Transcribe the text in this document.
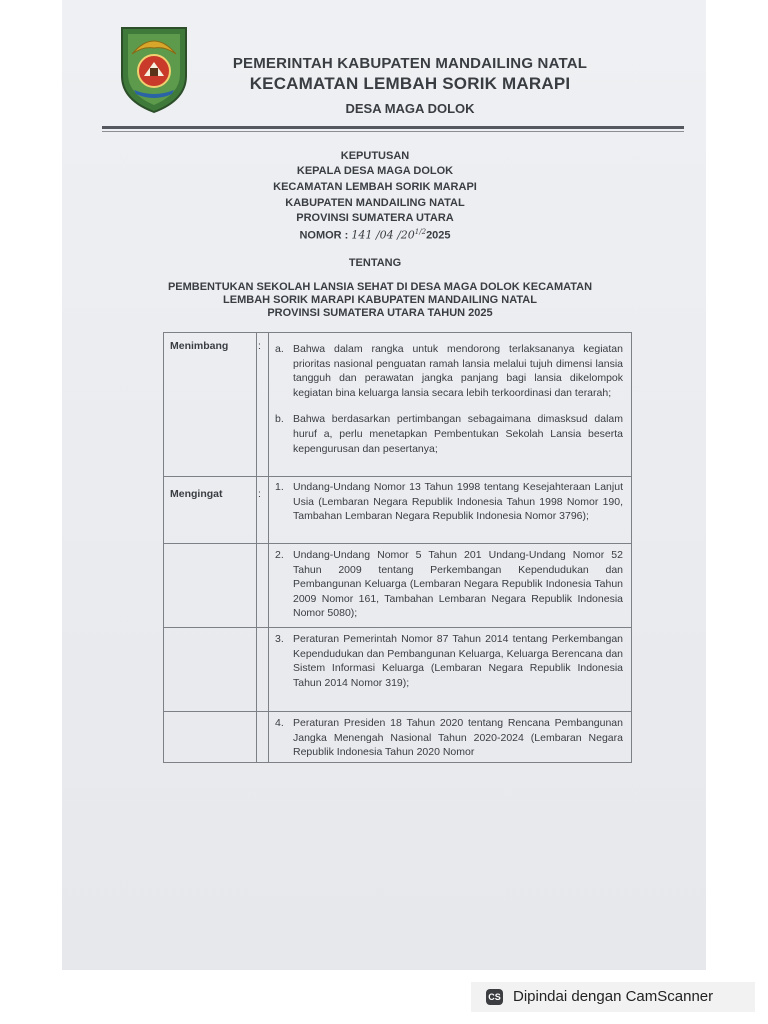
PEMERINTAH KABUPATEN MANDAILING NATAL
KECAMATAN LEMBAH SORIK MARAPI
DESA MAGA DOLOK
KEPUTUSAN
KEPALA DESA MAGA DOLOK
KECAMATAN LEMBAH SORIK MARAPI
KABUPATEN MANDAILING NATAL
PROVINSI SUMATERA UTARA
NOMOR : 141 /04 $/20^{1/2}2025$
TENTANG
PEMBENTUKAN SEKOLAH LANSIA SEHAT DI DESA MAGA DOLOK KECAMATAN
LEMBAH SORIK MARAPI KABUPATEN MANDAILING NATAL
PROVINSI SUMATERA UTARA TAHUN 2025
Menimbang	:	a. Bahwa dalam rangka untuk mendorong terlaksananya kegiatan prioritas nasional penguatan ramah lansia melalui tujuh dimensi lansia tangguh dan perawatan jangka panjang bagi lansia dikelompok kegiatan bina keluarga lansia secara lebih terkoordinasi dan terarah;
b. Bahwa berdasarkan pertimbangan sebagaimana dimasksud dalam huruf a, perlu menetapkan Pembentukan Sekolah Lansia beserta kepengurusan dan pesertanya;

Mengingat	:	1. Undang-Undang Nomor 13 Tahun 1998 tentang Kesejahteraan Lanjut Usia (Lembaran Negara Republik Indonesia Tahun 1998 Nomor 190, Tambahan Lembaran Negara Republik Indonesia Nomor 3796);

		2. Undang-Undang Nomor 5 Tahun 201 Undang-Undang Nomor 52 Tahun 2009 tentang Perkembangan Kependudukan dan Pembangunan Keluarga (Lembaran Negara Republik Indonesia Tahun 2009 Nomor 161, Tambahan Lembaran Negara Republik Indonesia Nomor 5080);

		3. Peraturan Pemerintah Nomor 87 Tahun 2014 tentang Perkembangan Kependudukan dan Pembangunan Keluarga, Keluarga Berencana dan Sistem Informasi Keluarga (Lembaran Negara Republik Indonesia Tahun 2014 Nomor 319);

		4. Peraturan Presiden 18 Tahun 2020 tentang Rencana Pembangunan Jangka Menengah Nasional Tahun 2020-2024 (Lembaran Negara Republik Indonesia Tahun 2020 Nomor
CS Dipindai dengan CamScanner
